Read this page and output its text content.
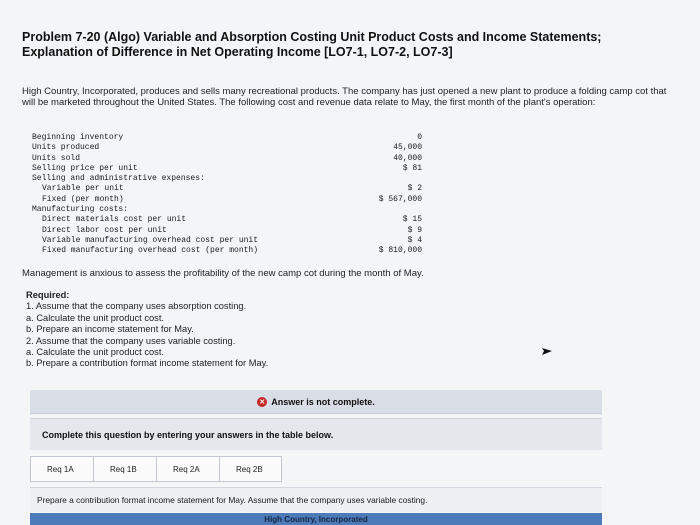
Problem 7-20 (Algo) Variable and Absorption Costing Unit Product Costs and Income Statements; Explanation of Difference in Net Operating Income [LO7-1, LO7-2, LO7-3]
High Country, Incorporated, produces and sells many recreational products. The company has just opened a new plant to produce a folding camp cot that will be marketed throughout the United States. The following cost and revenue data relate to May, the first month of the plant's operation:
Beginning inventory	0
Units produced	45,000
Units sold	40,000
Selling price per unit	$ 81
Selling and administrative expenses:
Variable per unit	$ 2
Fixed (per month)	$ 567,000
Manufacturing costs:
Direct materials cost per unit	$ 15
Direct labor cost per unit	$ 9
Variable manufacturing overhead cost per unit	$ 4
Fixed manufacturing overhead cost (per month)	$ 810,000
Management is anxious to assess the profitability of the new camp cot during the month of May.
Required:
1. Assume that the company uses absorption costing.
a. Calculate the unit product cost.
b. Prepare an income statement for May.
2. Assume that the company uses variable costing.
a. Calculate the unit product cost.
b. Prepare a contribution format income statement for May.
✕ Answer is not complete.
Complete this question by entering your answers in the table below.
Req 1A	Req 1B	Req 2A	Req 2B
Prepare a contribution format income statement for May. Assume that the company uses variable costing.
High Country, Incorporated
